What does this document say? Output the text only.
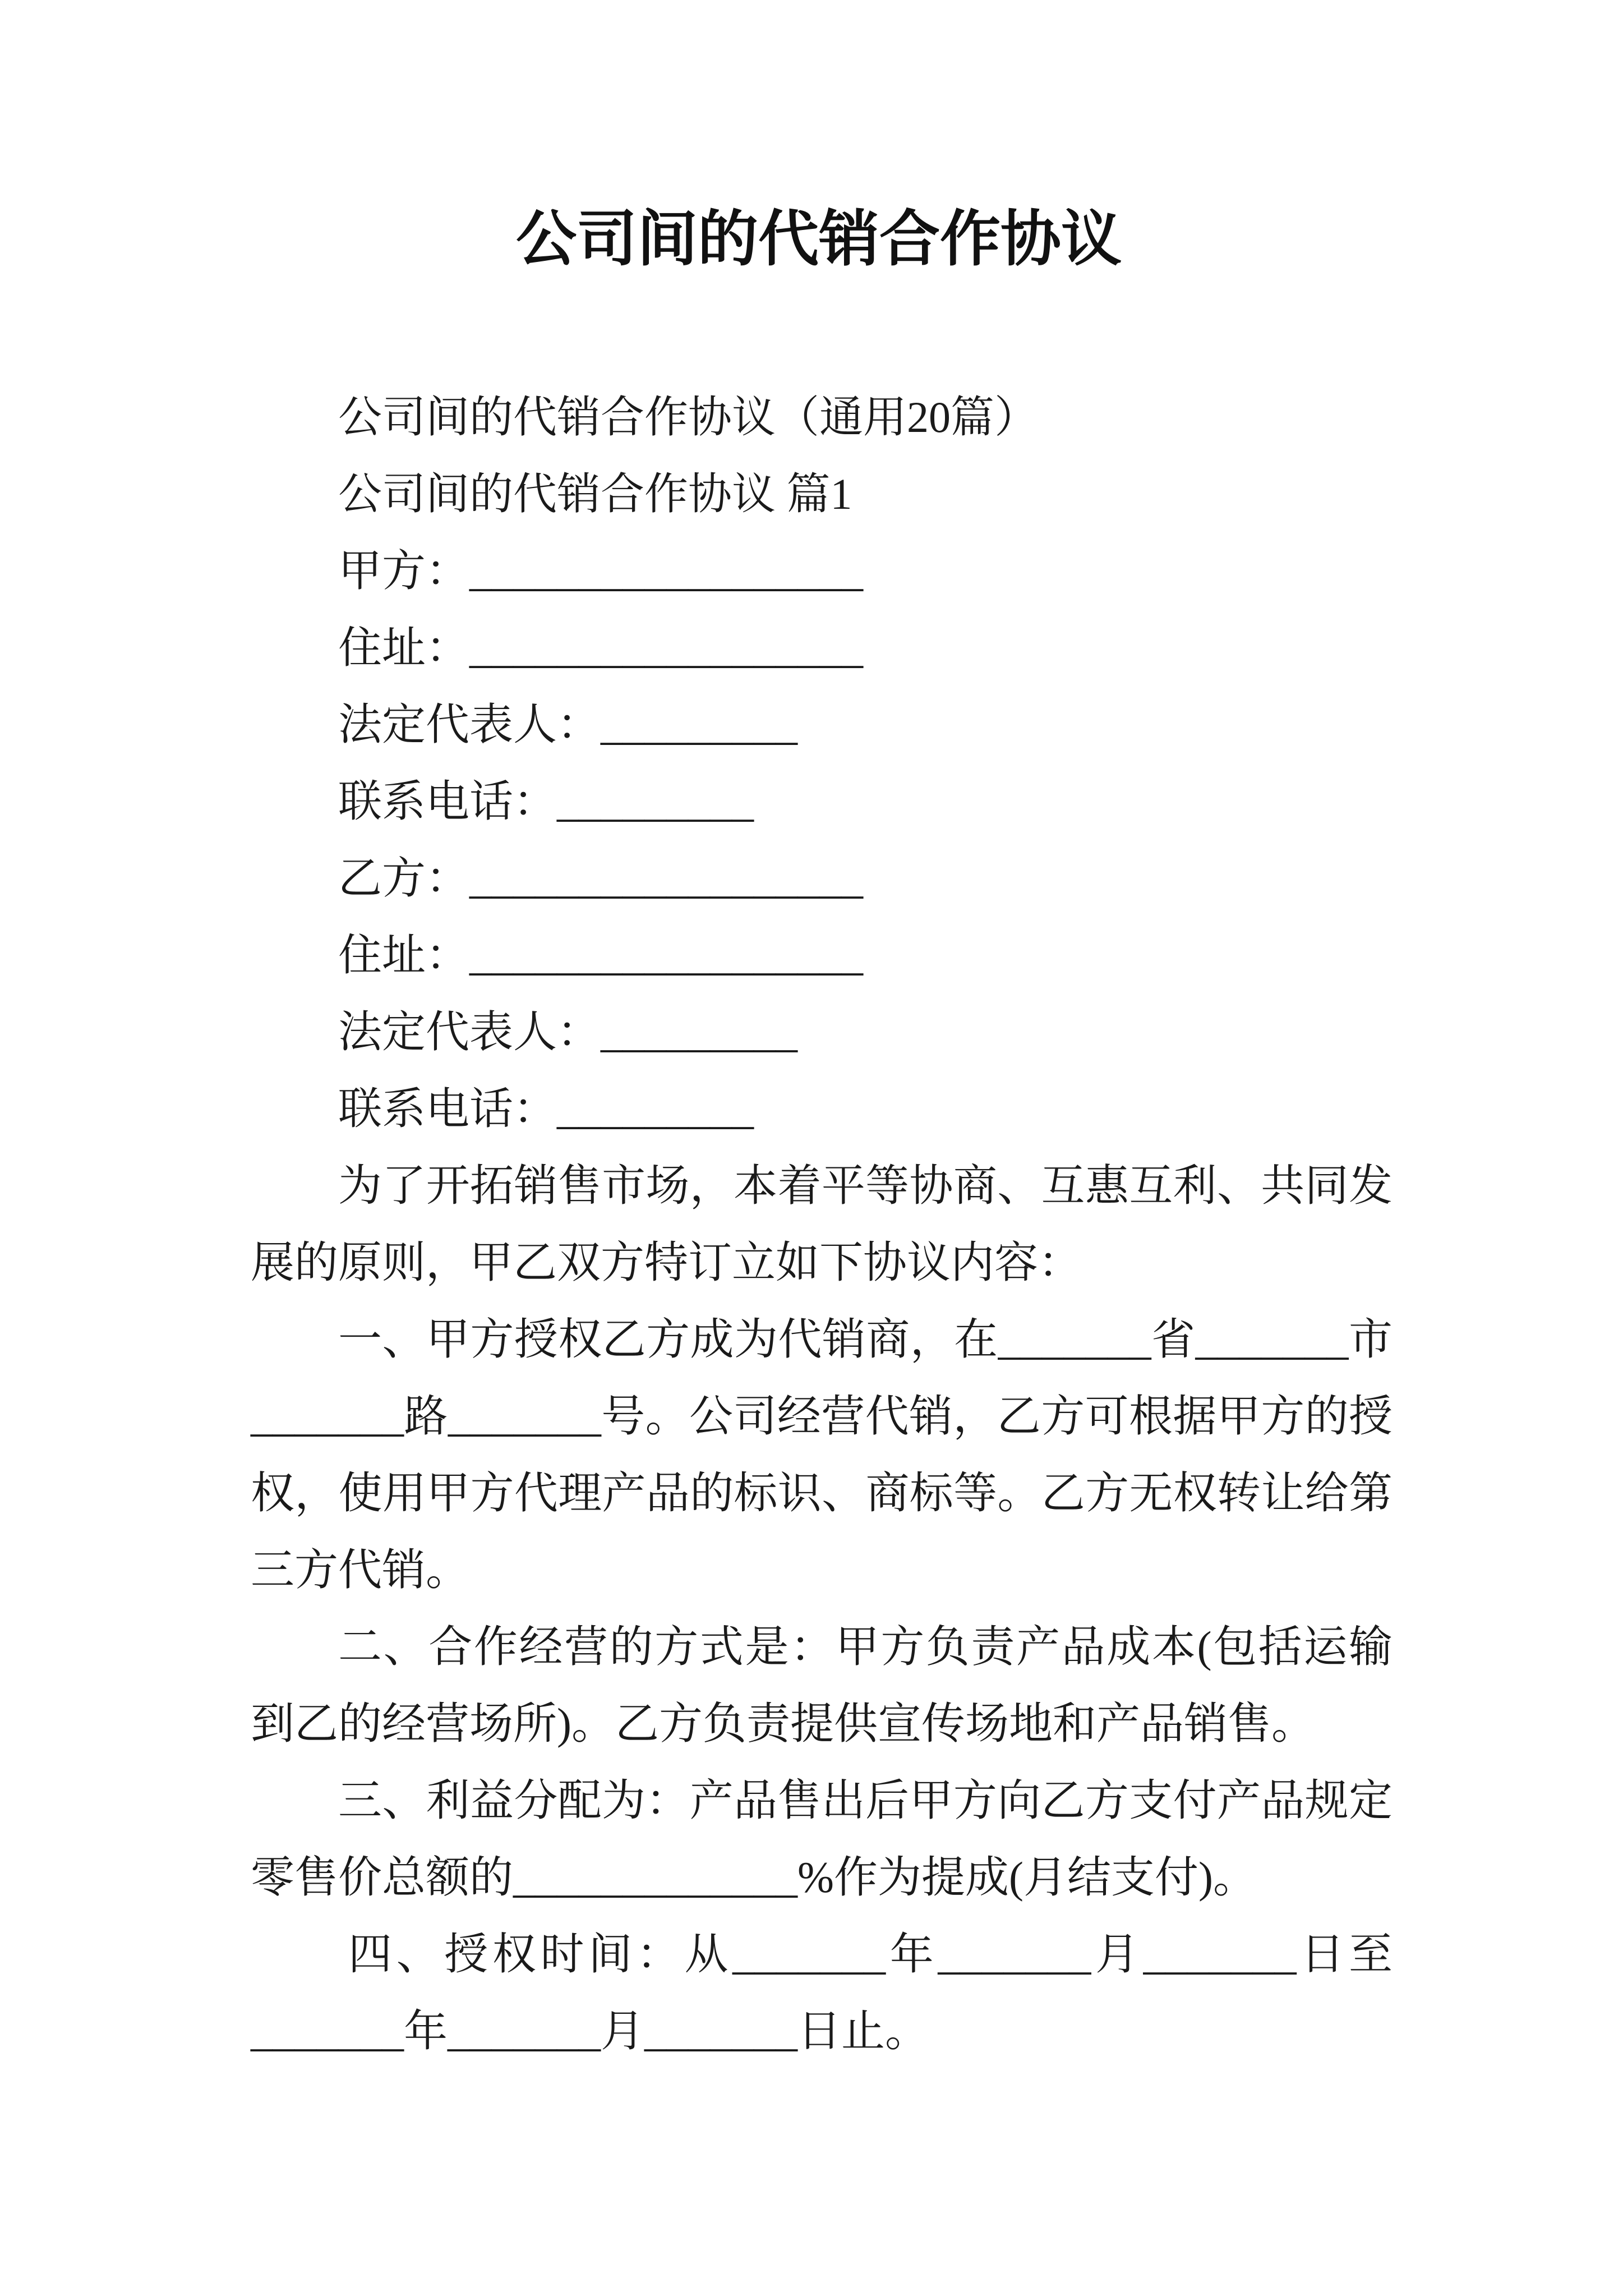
公司间的代销合作协议

公司间的代销合作协议（通用20篇）

公司间的代销合作协议 篇1

甲方：__________________

住址：__________________

法定代表人：_________

联系电话：_________

乙方：__________________

住址：__________________

法定代表人：_________

联系电话：_________

为了开拓销售市场，本着平等协商、互惠互利、共同发展的原则，甲乙双方特订立如下协议内容：

一、甲方授权乙方成为代销商，在_______省_______市_______路_______号。公司经营代销，乙方可根据甲方的授权，使用甲方代理产品的标识、商标等。乙方无权转让给第三方代销。

二、合作经营的方式是：甲方负责产品成本(包括运输到乙的经营场所)。乙方负责提供宣传场地和产品销售。

三、利益分配为：产品售出后甲方向乙方支付产品规定零售价总额的_____________%作为提成(月结支付)。

四、授权时间：从_______年_______月_______日至_______年_______月_______日止。
